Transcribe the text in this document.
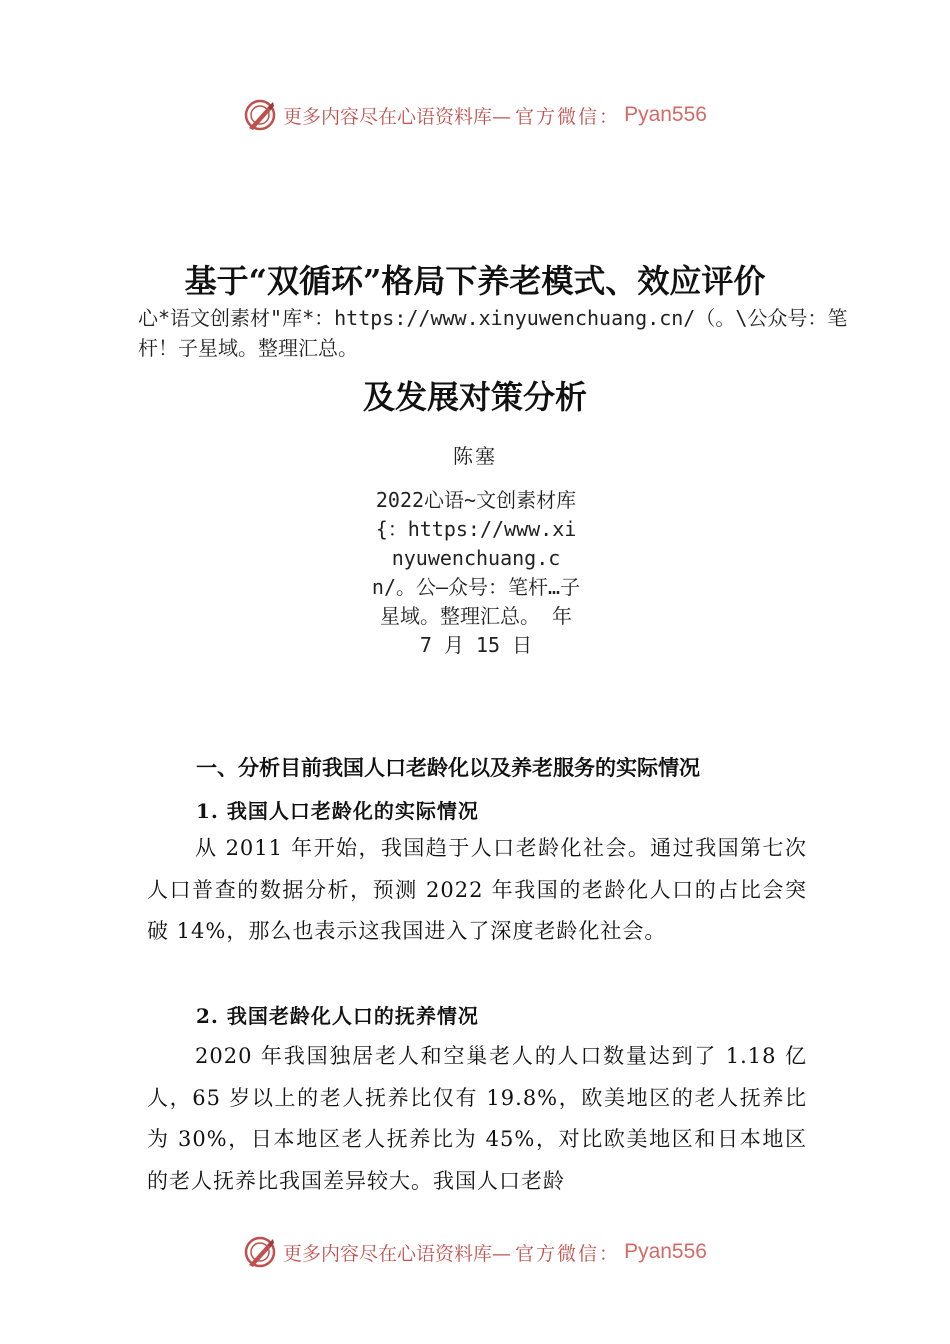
更多内容尽在心语资料库— 官方微信： Pyan556
基于“双循环”格局下养老模式、效应评价
心*语文创素材"库*：https://www.xinyuwenchuang.cn/（。\公众号：笔杆！子星域。整理汇总。
及发展对策分析
陈塞
2022心语~文创素材库{：https://www.xinyuwenchuang.cn/。公—众号：笔杆…子星域。整理汇总。 年 7 月 15 日
一、分析目前我国人口老龄化以及养老服务的实际情况
1. 我国人口老龄化的实际情况
从 2011 年开始，我国趋于人口老龄化社会。通过我国第七次人口普查的数据分析，预测 2022 年我国的老龄化人口的占比会突破 14%，那么也表示这我国进入了深度老龄化社会。
2. 我国老龄化人口的抚养情况
2020 年我国独居老人和空巢老人的人口数量达到了 1.18 亿人，65 岁以上的老人抚养比仅有 19.8%，欧美地区的老人抚养比为 30%，日本地区老人抚养比为 45%，对比欧美地区和日本地区的老人抚养比我国差异较大。我国人口老龄
更多内容尽在心语资料库— 官方微信： Pyan556
